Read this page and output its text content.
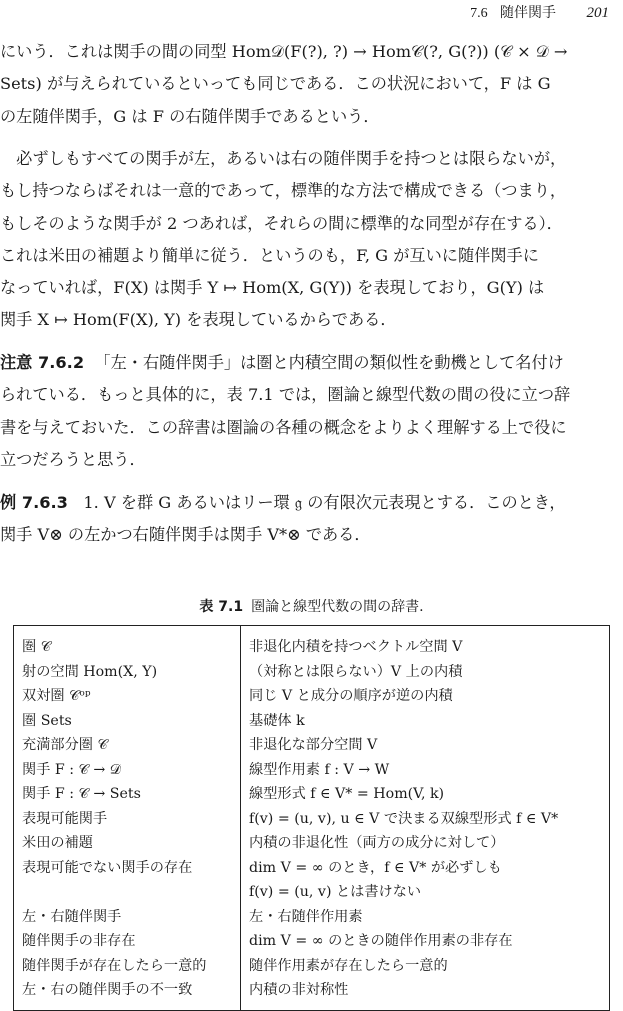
7.6 随伴関手 201
にいう．これは関手の間の同型 Hom𝒟(F(?), ?) → Hom𝒞(?, G(?)) (𝒞 × 𝒟 →
Sets) が与えられているといっても同じである．この状況において，F は G
の左随伴関手，G は F の右随伴関手であるという．
　必ずしもすべての関手が左，あるいは右の随伴関手を持つとは限らないが，
もし持つならばそれは一意的であって，標準的な方法で構成できる（つまり，
もしそのような関手が 2 つあれば，それらの間に標準的な同型が存在する）．
これは米田の補題より簡単に従う．というのも，F, G が互いに随伴関手に
なっていれば，F(X) は関手 Y ↦ Hom(X, G(Y)) を表現しており，G(Y) は
関手 X ↦ Hom(F(X), Y) を表現しているからである．
注意 7.6.2 「左・右随伴関手」は圏と内積空間の類似性を動機として名付け
られている．もっと具体的に，表 7.1 では，圏論と線型代数の間の役に立つ辞
書を与えておいた．この辞書は圏論の各種の概念をよりよく理解する上で役に
立つだろうと思う．
例 7.6.3 1. V を群 G あるいはリー環 𝔤 の有限次元表現とする．このとき，
関手 V⊗ の左かつ右随伴関手は関手 V*⊗ である．
表 7.1 圏論と線型代数の間の辞書.
圏 𝒞	非退化内積を持つベクトル空間 V

射の空間 Hom(X, Y)	（対称とは限らない）V 上の内積

双対圏 𝒞ᵒᵖ	同じ V と成分の順序が逆の内積

圏 Sets	基礎体 k

充満部分圏 𝒞	非退化な部分空間 V

関手 F : 𝒞 → 𝒟	線型作用素 f : V → W

関手 F : 𝒞 → Sets	線型形式 f ∈ V* = Hom(V, k)

表現可能関手	f(v) = (u, v), u ∈ V で決まる双線型形式 f ∈ V*

米田の補題	内積の非退化性（両方の成分に対して）

表現可能でない関手の存在	dim V = ∞ のとき，f ∈ V* が必ずしも
f(v) = (u, v) とは書けない

左・右随伴関手	左・右随伴作用素

随伴関手の非存在	dim V = ∞ のときの随伴作用素の非存在

随伴関手が存在したら一意的	随伴作用素が存在したら一意的

左・右の随伴関手の不一致	内積の非対称性
